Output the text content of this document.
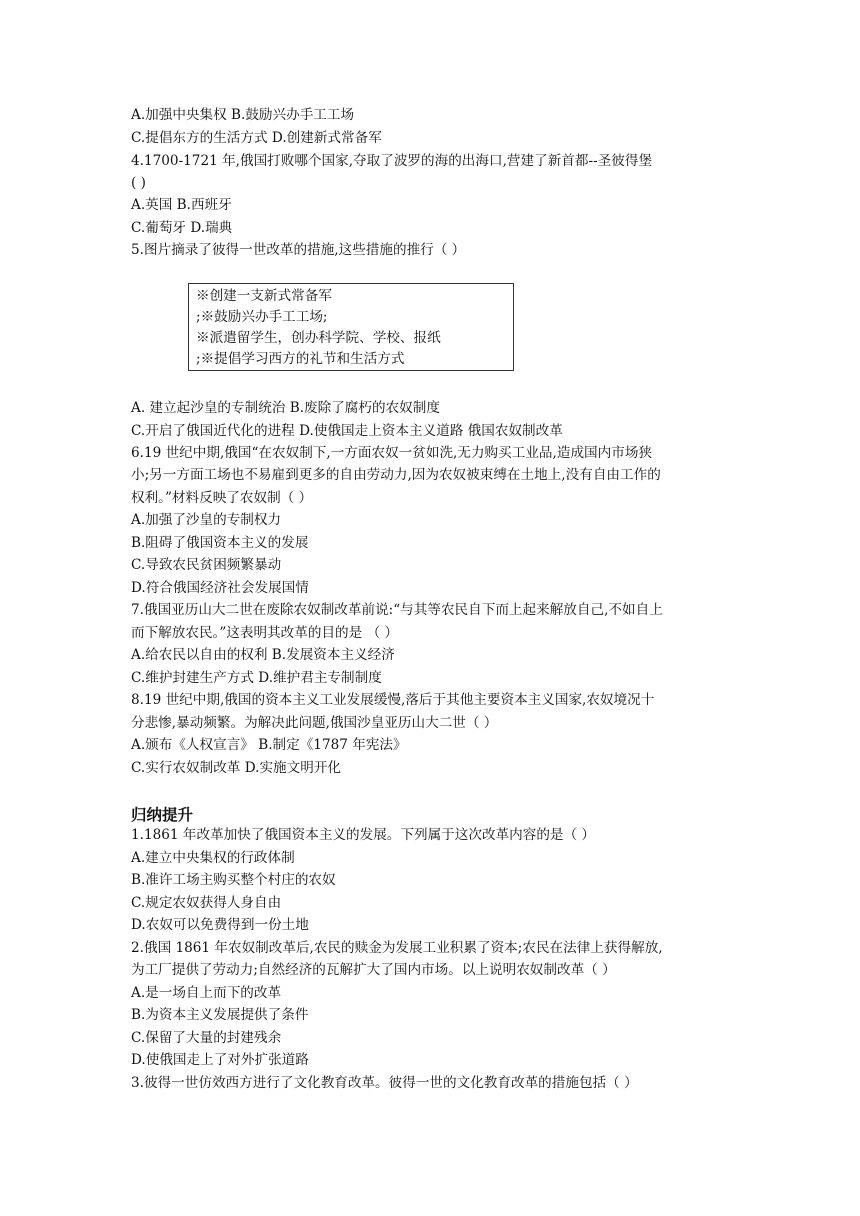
A.加强中央集权 B.鼓励兴办手工工场
C.提倡东方的生活方式 D.创建新式常备军
4.1700-1721 年,俄国打败哪个国家,夺取了波罗的海的出海口,营建了新首都--圣彼得堡
( )
A.英国 B.西班牙
C.葡萄牙 D.瑞典
5.图片摘录了彼得一世改革的措施,这些措施的推行（ ）
※创建一支新式常备军
;※鼓励兴办手工工场;
※派遣留学生，创办科学院、学校、报纸
;※提倡学习西方的礼节和生活方式
A. 建立起沙皇的专制统治 B.废除了腐朽的农奴制度
C.开启了俄国近代化的进程 D.使俄国走上资本主义道路 俄国农奴制改革
6.19 世纪中期,俄国“在农奴制下,一方面农奴一贫如洗,无力购买工业品,造成国内市场狭
小;另一方面工场也不易雇到更多的自由劳动力,因为农奴被束缚在土地上,没有自由工作的
权利。”材料反映了农奴制（ ）
A.加强了沙皇的专制权力
B.阻碍了俄国资本主义的发展
C.导致农民贫困频繁暴动
D.符合俄国经济社会发展国情
7.俄国亚历山大二世在废除农奴制改革前说:“与其等农民自下而上起来解放自己,不如自上
而下解放农民。”这表明其改革的目的是 （ ）
A.给农民以自由的权利 B.发展资本主义经济
C.维护封建生产方式 D.维护君主专制制度
8.19 世纪中期,俄国的资本主义工业发展缓慢,落后于其他主要资本主义国家,农奴境况十
分悲惨,暴动频繁。为解决此问题,俄国沙皇亚历山大二世（ ）
A.颁布《人权宣言》 B.制定《1787 年宪法》
C.实行农奴制改革 D.实施文明开化
归纳提升
1.1861 年改革加快了俄国资本主义的发展。下列属于这次改革内容的是（ ）
A.建立中央集权的行政体制
B.准许工场主购买整个村庄的农奴
C.规定农奴获得人身自由
D.农奴可以免费得到一份土地
2.俄国 1861 年农奴制改革后,农民的赎金为发展工业积累了资本;农民在法律上获得解放,
为工厂提供了劳动力;自然经济的瓦解扩大了国内市场。以上说明农奴制改革（ ）
A.是一场自上而下的改革
B.为资本主义发展提供了条件
C.保留了大量的封建残余
D.使俄国走上了对外扩张道路
3.彼得一世仿效西方进行了文化教育改革。彼得一世的文化教育改革的措施包括（ ）
